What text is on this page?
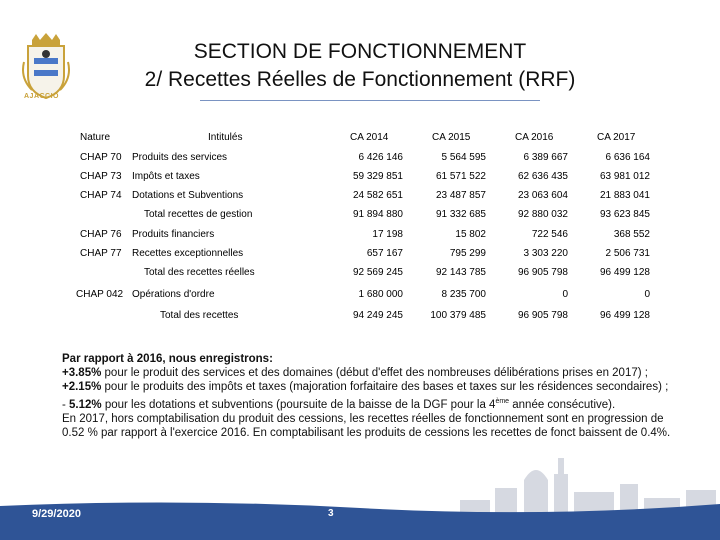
AJACCIO
SECTION DE FONCTIONNEMENT
2/ Recettes Réelles de Fonctionnement (RRF)
Nature	Intitulés	CA 2014	CA 2015	CA 2016	CA 2017
CHAP 70 Produits des services	6 426 146	5 564 595	6 389 667	6 636 164
CHAP 73 Impôts et taxes	59 329 851	61 571 522	62 636 435	63 981 012
CHAP 74 Dotations et Subventions	24 582 651	23 487 857	23 063 604	21 883 041
Total recettes de gestion	91 894 880	91 332 685	92 880 032	93 623 845
CHAP 76 Produits financiers	17 198	15 802	722 546	368 552
CHAP 77 Recettes exceptionnelles	657 167	795 299	3 303 220	2 506 731
Total des recettes réelles	92 569 245	92 143 785	96 905 798	96 499 128
CHAP 042 Opérations d'ordre	1 680 000	8 235 700	0	0
Total des recettes	94 249 245	100 379 485	96 905 798	96 499 128

Par rapport à 2016, nous enregistrons:

+3.85% pour le produit des services et des domaines (début d'effet des nombreuses délibérations prises en 2017) ;

+2.15% pour le produits des impôts et taxes (majoration forfaitaire des bases et taxes sur les résidences secondaires) ;

- 5.12% pour les dotations et subventions (poursuite de la baisse de la DGF pour la 4ème année consécutive).

En 2017, hors comptabilisation du produit des cessions, les recettes réelles de fonctionnement sont en progression de 0.52 % par rapport à l'exercice 2016. En comptabilisant les produits de cessions les recettes de fonct baissent de 0.4%.

9/29/2020	3
